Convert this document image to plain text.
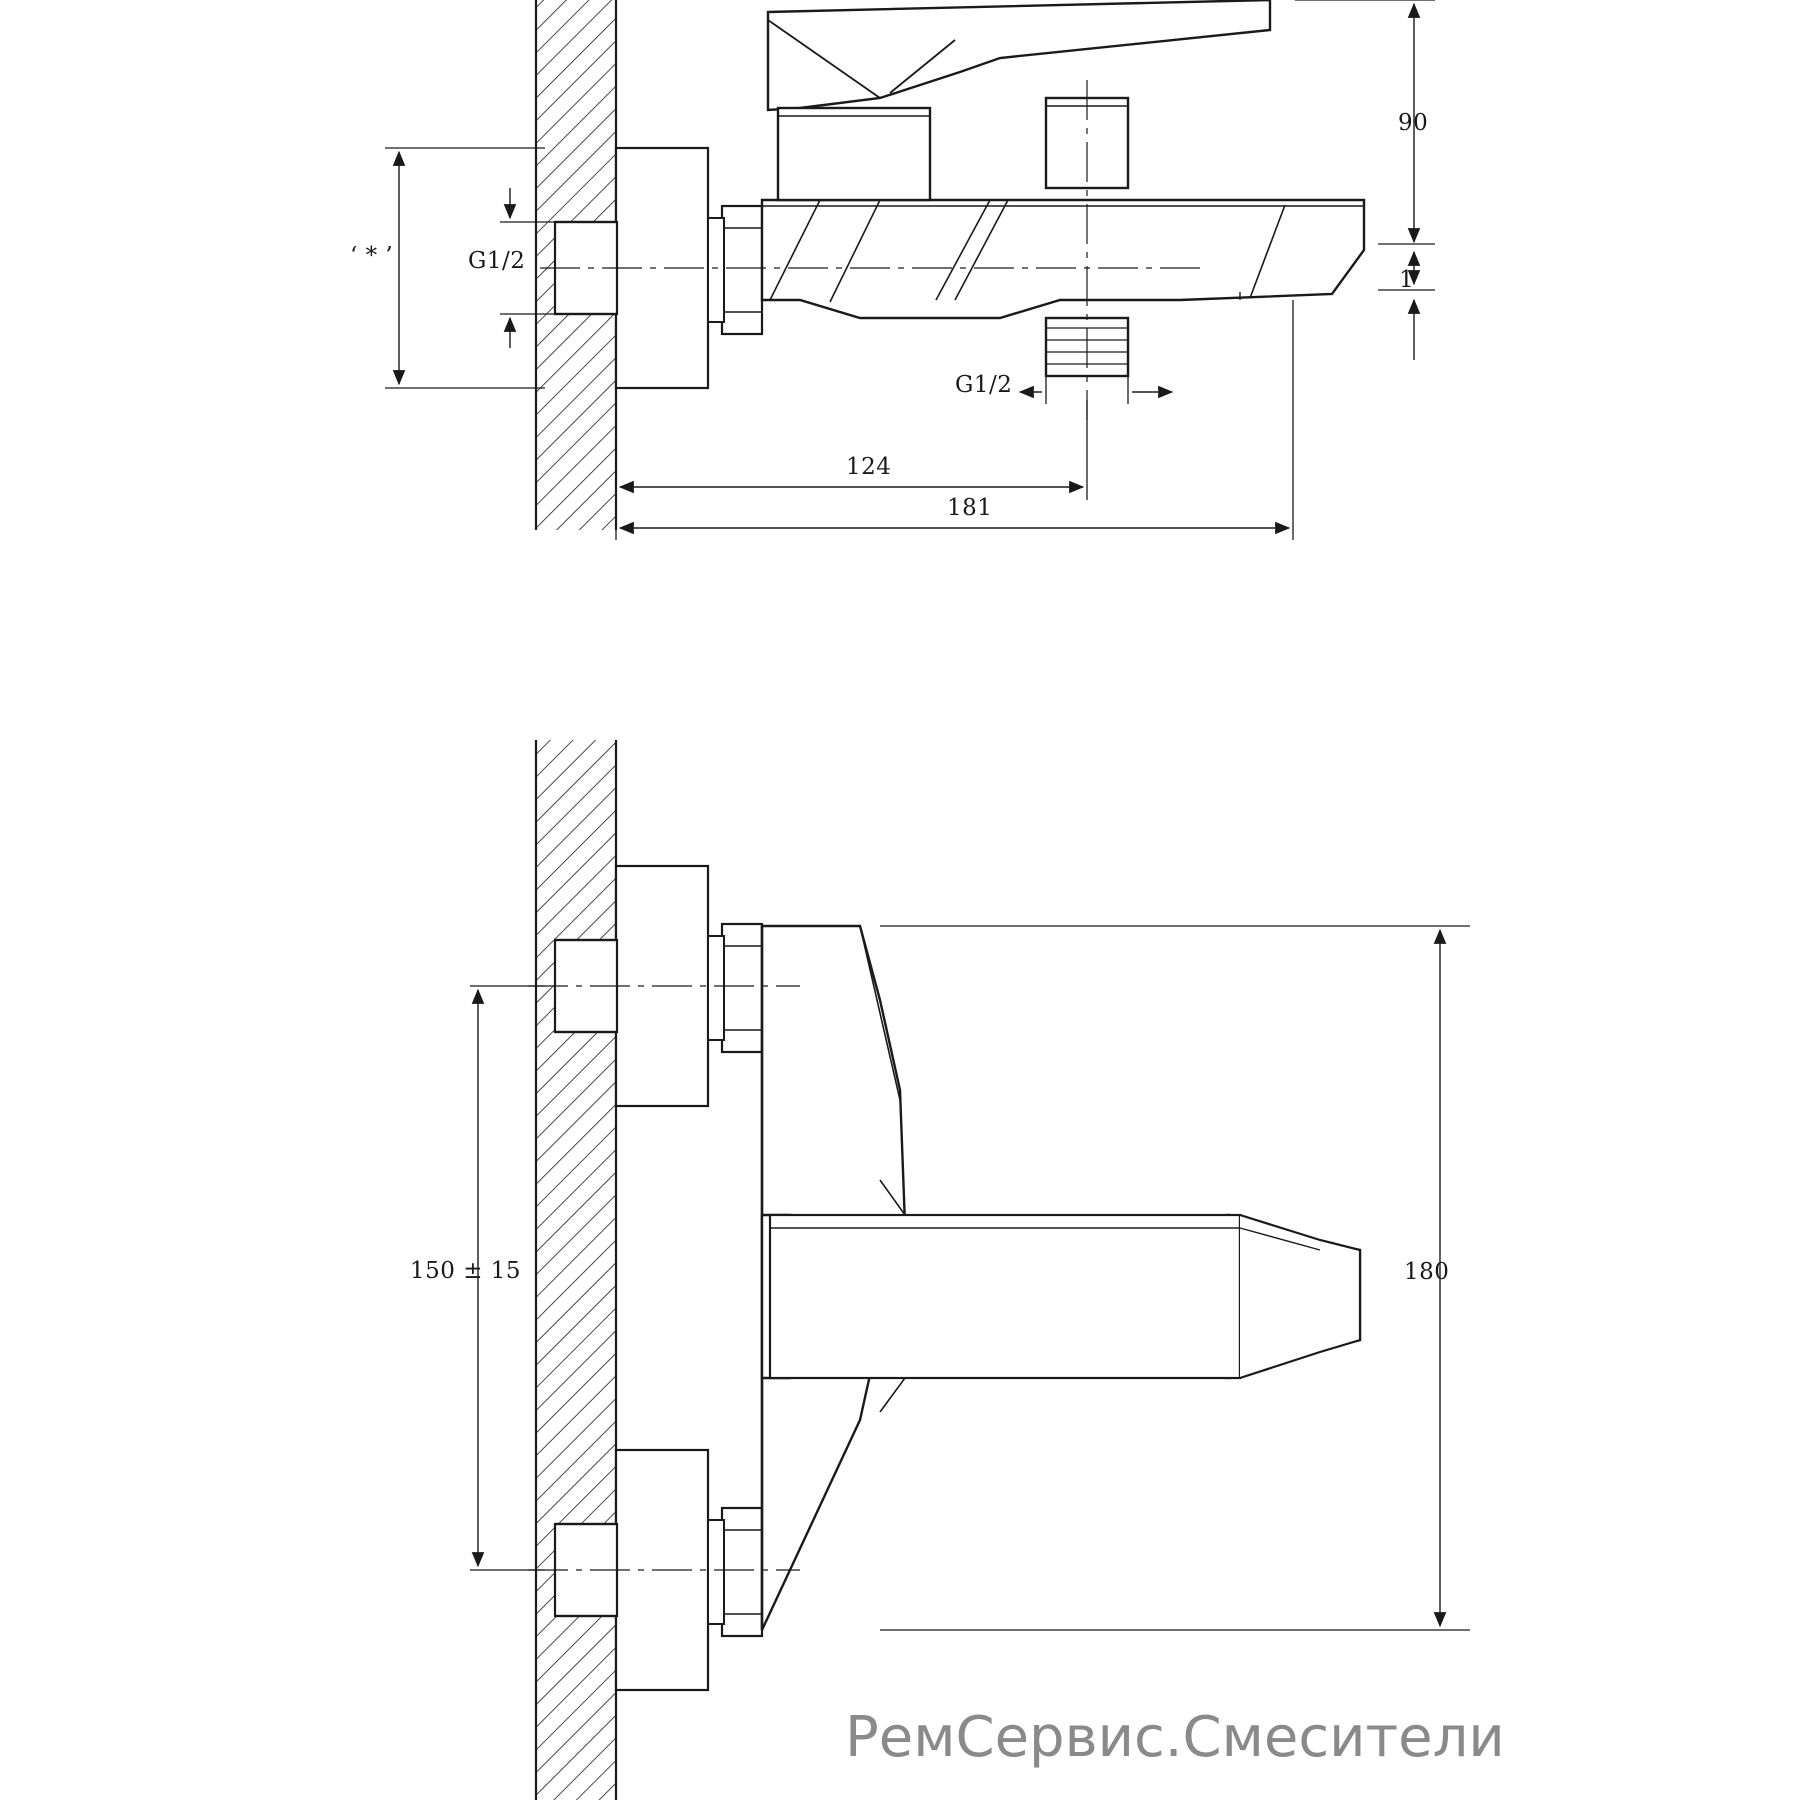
90
1
G1/2
G1/2
124
181
‘ * ’
150 ± 15	180
РемСервис.Смесители
